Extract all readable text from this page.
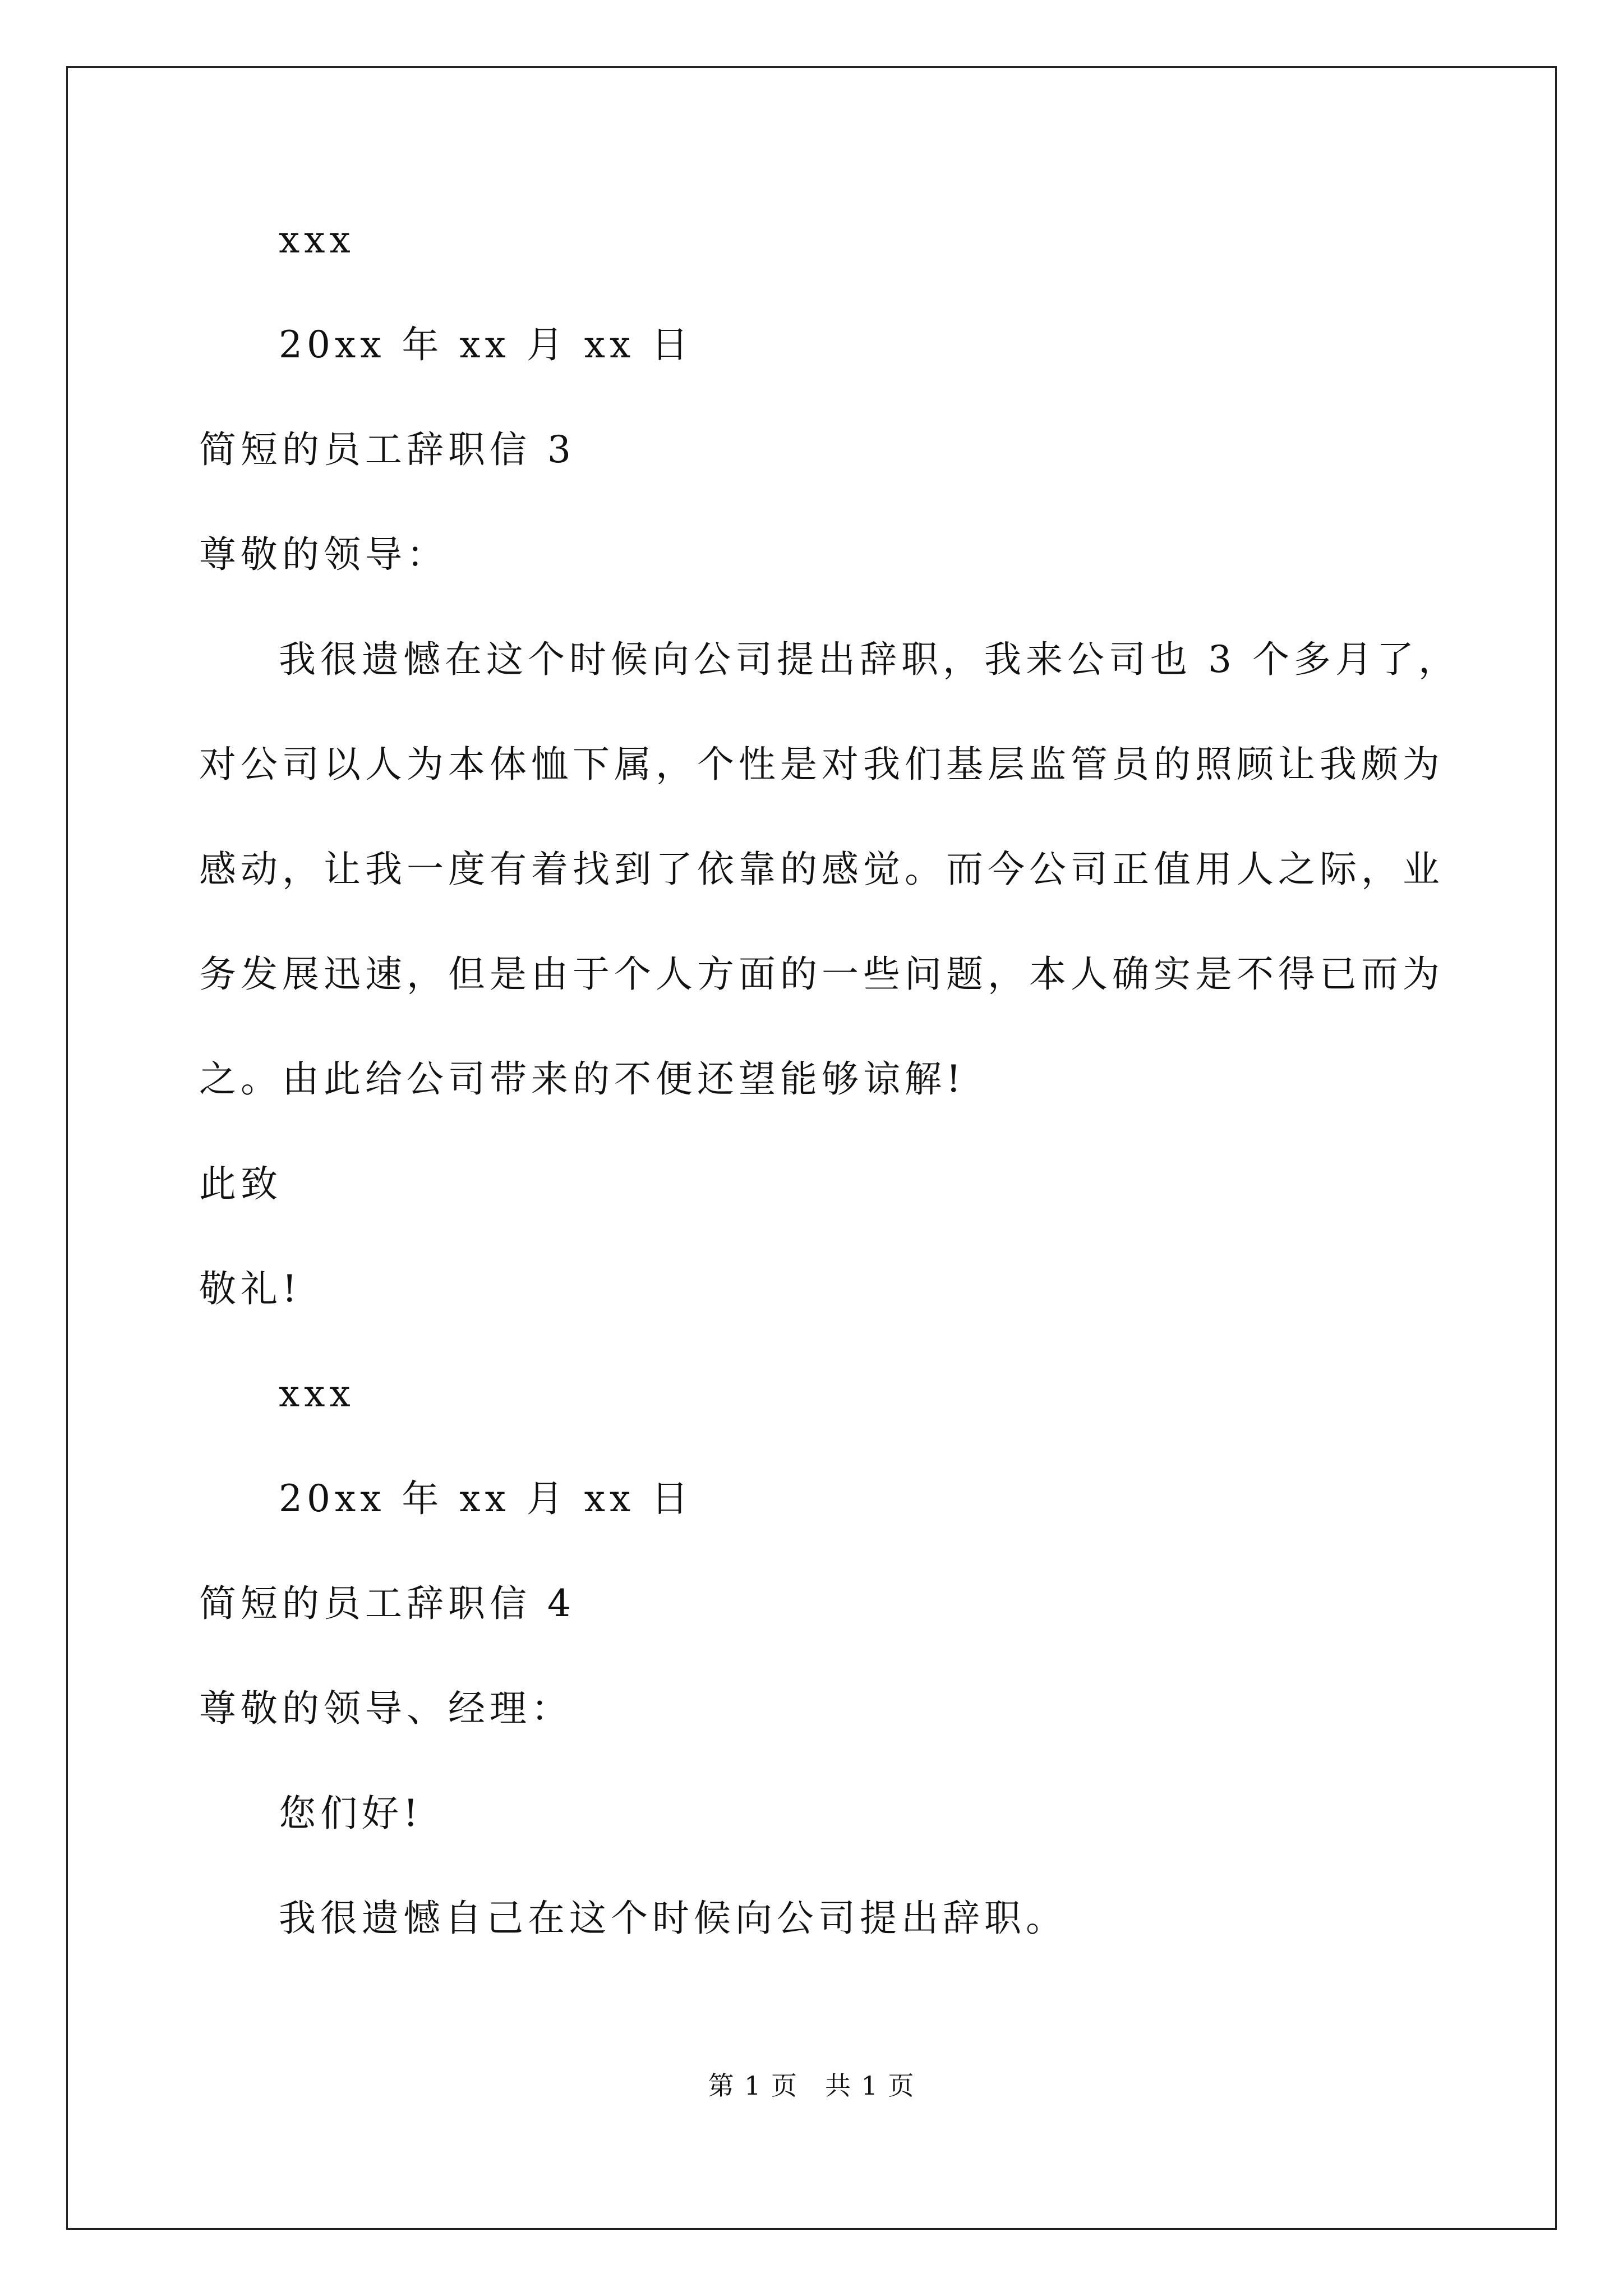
xxx
20xx 年 xx 月 xx 日
简短的员工辞职信 3
尊敬的领导：
我很遗憾在这个时候向公司提出辞职，我来公司也 3 个多月了，
对公司以人为本体恤下属，个性是对我们基层监管员的照顾让我颇为
感动，让我一度有着找到了依靠的感觉。而今公司正值用人之际，业
务发展迅速，但是由于个人方面的一些问题，本人确实是不得已而为
之。由此给公司带来的不便还望能够谅解!
此致
敬礼!
xxx
20xx 年 xx 月 xx 日
简短的员工辞职信 4
尊敬的领导、经理：
您们好!
我很遗憾自己在这个时候向公司提出辞职。
第 1 页　共 1 页
